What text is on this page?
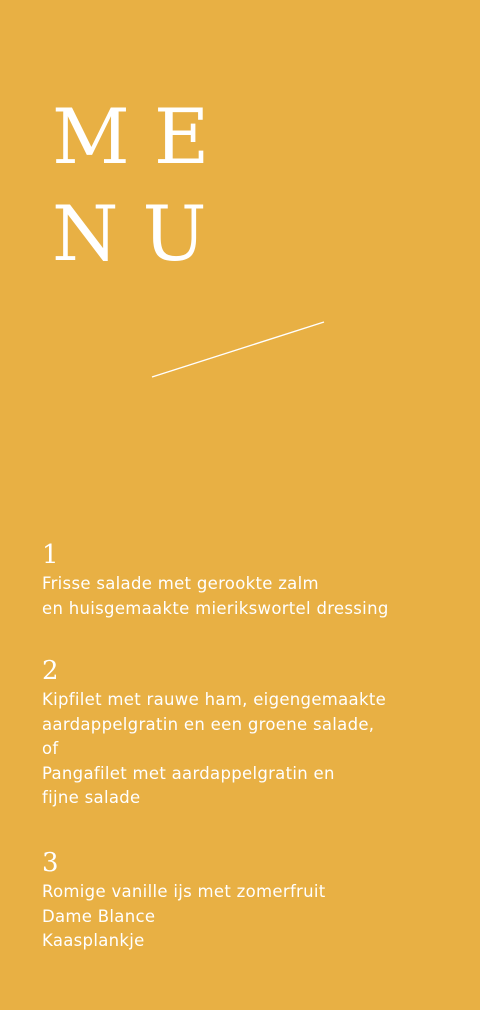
ME
NU
1
Frisse salade met gerookte zalm
en huisgemaakte mierikswortel dressing
2
Kipfilet met rauwe ham, eigengemaakte
aardappelgratin en een groene salade,
of
Pangafilet met aardappelgratin en
fijne salade
3
Romige vanille ijs met zomerfruit
Dame Blance
Kaasplankje
